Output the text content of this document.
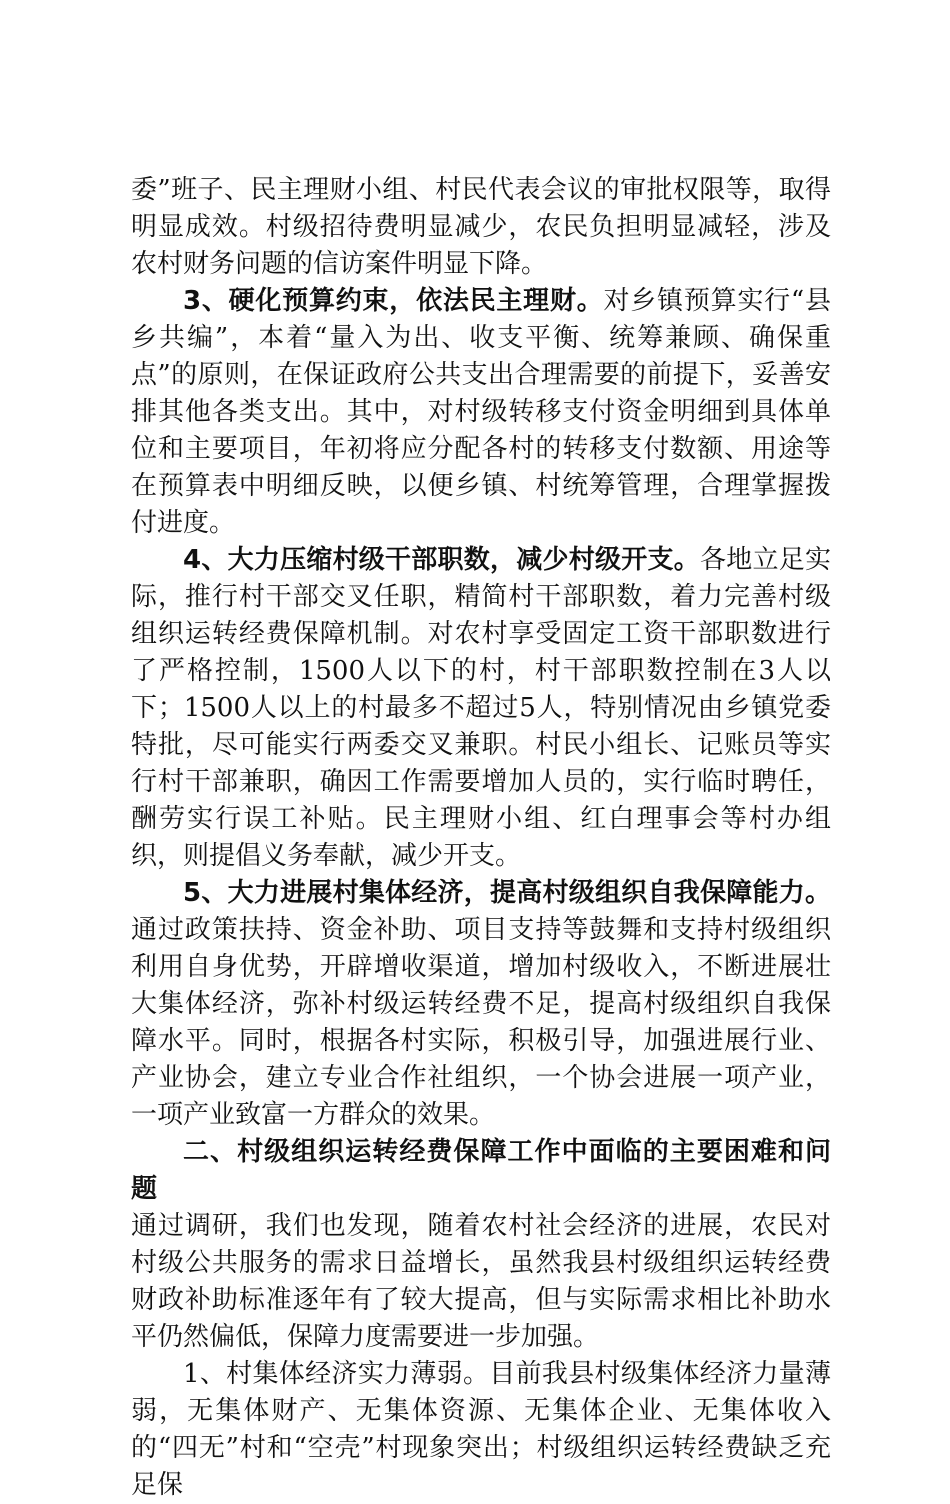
委”班子、民主理财小组、村民代表会议的审批权限等，取得明显成效。村级招待费明显减少，农民负担明显减轻，涉及农村财务问题的信访案件明显下降。

3、硬化预算约束，依法民主理财。对乡镇预算实行“县乡共编”，本着“量入为出、收支平衡、统筹兼顾、确保重点”的原则，在保证政府公共支出合理需要的前提下，妥善安排其他各类支出。其中，对村级转移支付资金明细到具体单位和主要项目，年初将应分配各村的转移支付数额、用途等在预算表中明细反映，以便乡镇、村统筹管理，合理掌握拨付进度。

4、大力压缩村级干部职数，减少村级开支。各地立足实际，推行村干部交叉任职，精简村干部职数，着力完善村级组织运转经费保障机制。对农村享受固定工资干部职数进行了严格控制，1500人以下的村，村干部职数控制在3人以下；1500人以上的村最多不超过5人，特别情况由乡镇党委特批，尽可能实行两委交叉兼职。村民小组长、记账员等实行村干部兼职，确因工作需要增加人员的，实行临时聘任，酬劳实行误工补贴。民主理财小组、红白理事会等村办组织，则提倡义务奉献，减少开支。

5、大力进展村集体经济，提高村级组织自我保障能力。通过政策扶持、资金补助、项目支持等鼓舞和支持村级组织利用自身优势，开辟增收渠道，增加村级收入，不断进展壮大集体经济，弥补村级运转经费不足，提高村级组织自我保障水平。同时，根据各村实际，积极引导，加强进展行业、产业协会，建立专业合作社组织，一个协会进展一项产业，一项产业致富一方群众的效果。

二、村级组织运转经费保障工作中面临的主要困难和问题

通过调研，我们也发现，随着农村社会经济的进展，农民对村级公共服务的需求日益增长，虽然我县村级组织运转经费财政补助标准逐年有了较大提高，但与实际需求相比补助水平仍然偏低，保障力度需要进一步加强。

1、村集体经济实力薄弱。目前我县村级集体经济力量薄弱，无集体财产、无集体资源、无集体企业、无集体收入的“四无”村和“空壳”村现象突出；村级组织运转经费缺乏充足保
